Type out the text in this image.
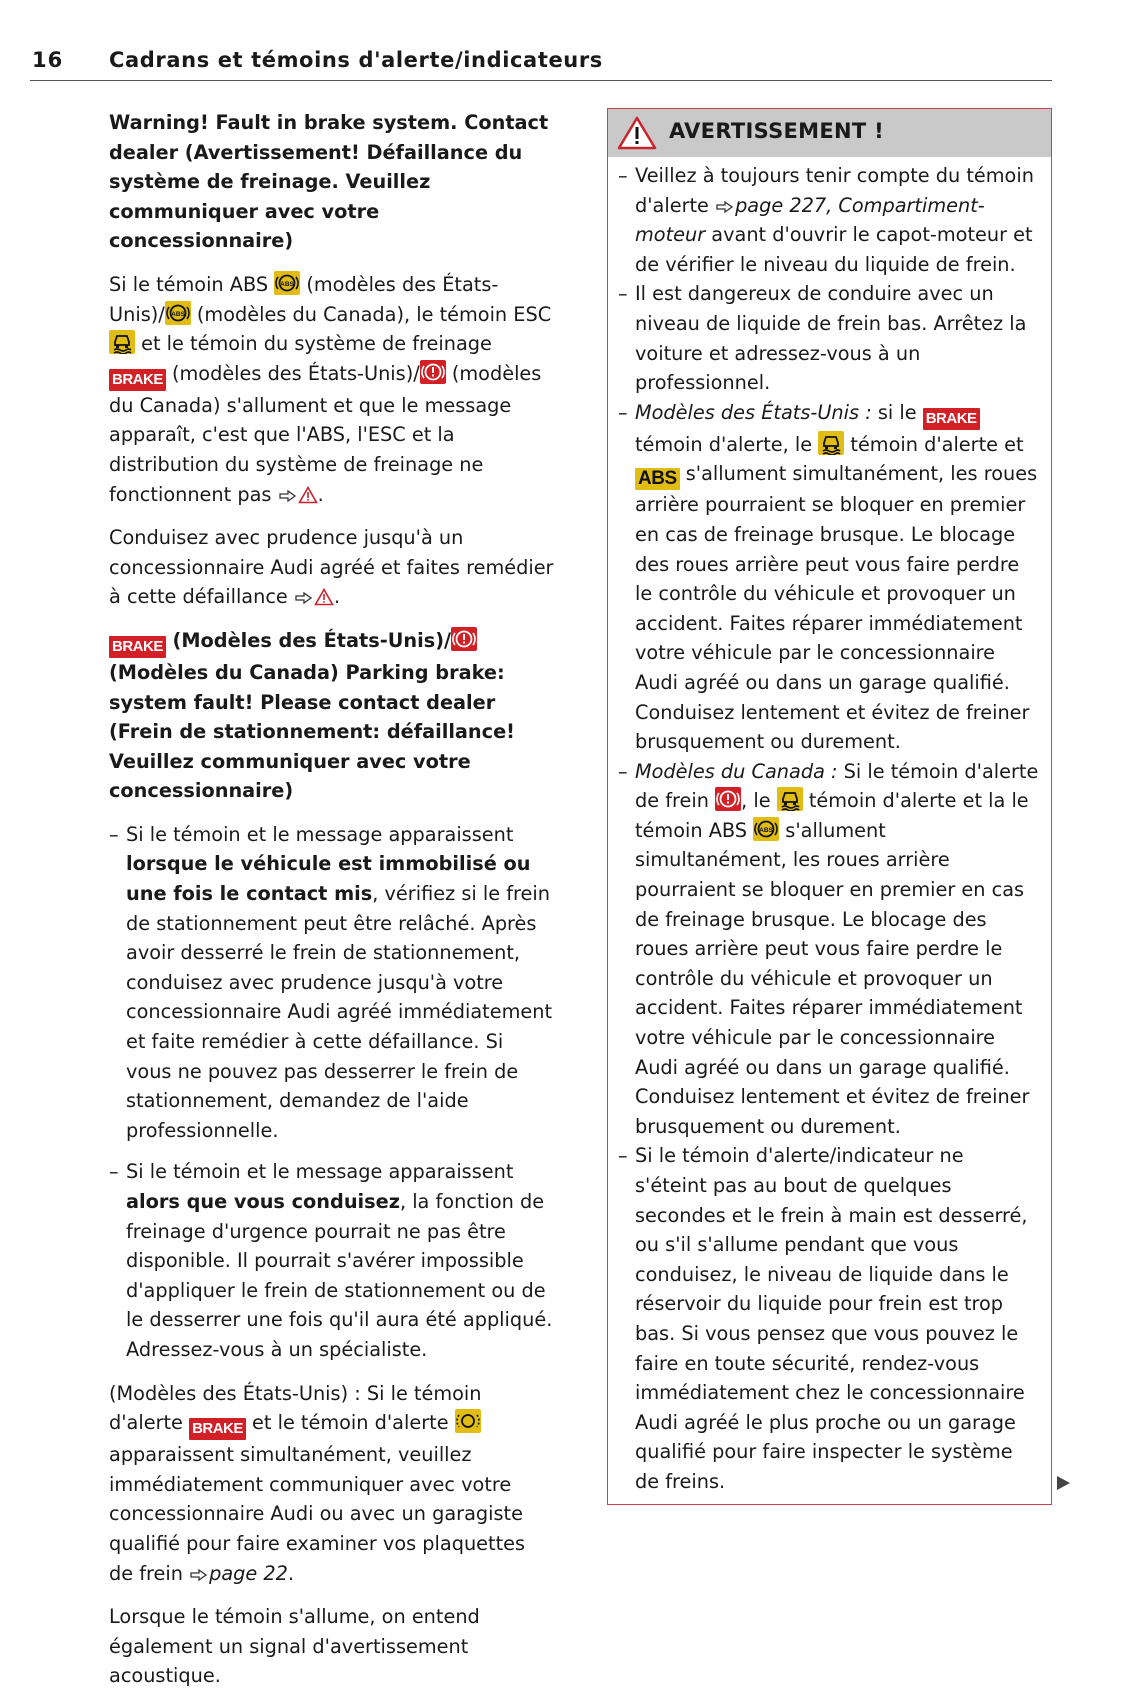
16 Cadrans et témoins d'alerte/indicateurs

Warning! Fault in brake system. Contact dealer (Avertissement! Défaillance du système de freinage. Veuillez communiquer avec votre concessionnaire)

Si le témoin ABS ABS (modèles des États-Unis)/ ABS (modèles du Canada), le témoin ESC
et le témoin du système de freinage BRAKE (modèles des États-Unis)/
(modèles du Canada) s'allument et que le message apparaît, c'est que l'ABS, l'ESC et la distribution du système de freinage ne fonctionnent pas .

Conduisez avec prudence jusqu'à un concessionnaire Audi agréé et faites remédier à cette défaillance .

BRAKE (Modèles des États-Unis)/
(Modèles du Canada) Parking brake: system fault! Please contact dealer (Frein de stationnement: défaillance! Veuillez communiquer avec votre concessionnaire)

– Si le témoin et le message apparaissent lorsque le véhicule est immobilisé ou une fois le contact mis, vérifiez si le frein de stationnement peut être relâché. Après avoir desserré le frein de stationnement, conduisez avec prudence jusqu'à votre concessionnaire Audi agréé immédiatement et faite remédier à cette défaillance. Si vous ne pouvez pas desserrer le frein de stationnement, demandez de l'aide professionnelle.
– Si le témoin et le message apparaissent alors que vous conduisez, la fonction de freinage d'urgence pourrait ne pas être disponible. Il pourrait s'avérer impossible d'appliquer le frein de stationnement ou de le desserrer une fois qu'il aura été appliqué. Adressez-vous à un spécialiste.

(Modèles des États-Unis) : Si le témoin d'alerte BRAKE et le témoin d'alerte
apparaissent simultanément, veuillez immédiatement communiquer avec votre concessionnaire Audi ou avec un garagiste qualifié pour faire examiner vos plaquettes de frein page 22.

Lorsque le témoin s'allume, on entend également un signal d'avertissement acoustique.

AVERTISSEMENT !
– Veillez à toujours tenir compte du témoin d'alerte page 227, Compartiment-moteur avant d'ouvrir le capot-moteur et de vérifier le niveau du liquide de frein.
– Il est dangereux de conduire avec un niveau de liquide de frein bas. Arrêtez la voiture et adressez-vous à un professionnel.
– Modèles des États-Unis : si le BRAKE témoin d'alerte, le
témoin d'alerte et ABS s'allument simultanément, les roues arrière pourraient se bloquer en premier en cas de freinage brusque. Le blocage des roues arrière peut vous faire perdre le contrôle du véhicule et provoquer un accident. Faites réparer immédiatement votre véhicule par le concessionnaire Audi agréé ou dans un garage qualifié. Conduisez lentement et évitez de freiner brusquement ou durement.
– Modèles du Canada : Si le témoin d'alerte de frein
, le
témoin d'alerte et la le témoin ABS ABS s'allument simultanément, les roues arrière pourraient se bloquer en premier en cas de freinage brusque. Le blocage des roues arrière peut vous faire perdre le contrôle du véhicule et provoquer un accident. Faites réparer immédiatement votre véhicule par le concessionnaire Audi agréé ou dans un garage qualifié. Conduisez lentement et évitez de freiner brusquement ou durement.
– Si le témoin d'alerte/indicateur ne s'éteint pas au bout de quelques secondes et le frein à main est desserré, ou s'il s'allume pendant que vous conduisez, le niveau de liquide dans le réservoir du liquide pour frein est trop bas. Si vous pensez que vous pouvez le faire en toute sécurité, rendez-vous immédiatement chez le concessionnaire Audi agréé le plus proche ou un garage qualifié pour faire inspecter le système de freins.
